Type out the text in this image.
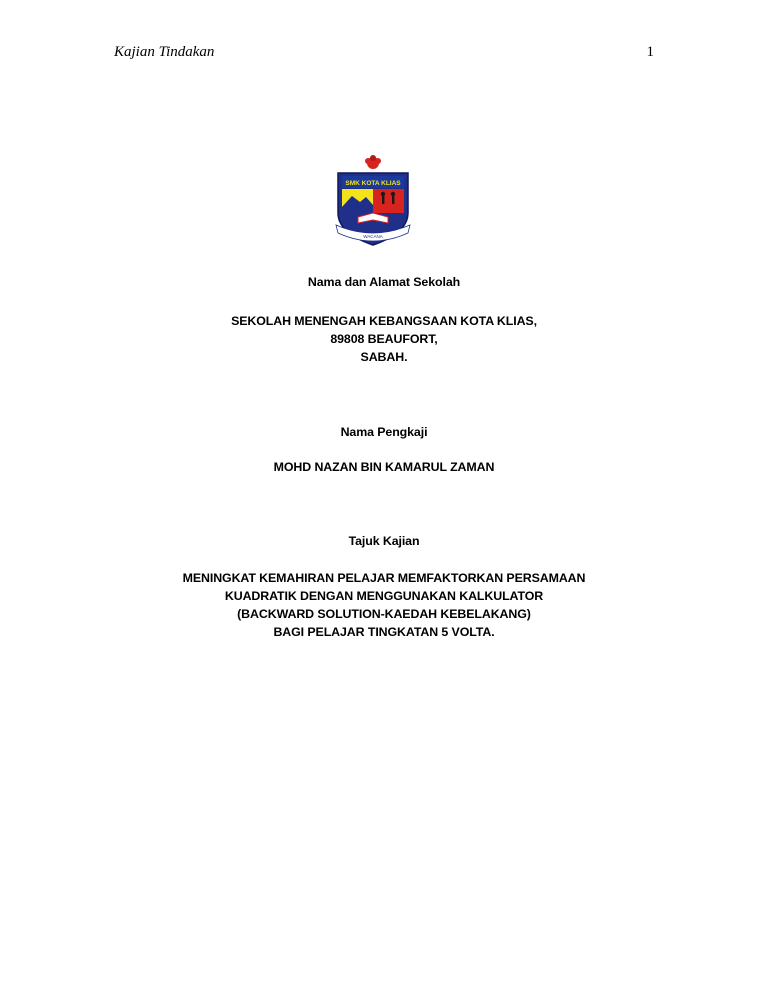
Kajian Tindakan	1
SMK KOTA KLIAS
WACANA
Nama dan Alamat Sekolah
SEKOLAH MENENGAH KEBANGSAAN KOTA KLIAS,
89808 BEAUFORT,
SABAH.
Nama Pengkaji
MOHD NAZAN BIN KAMARUL ZAMAN
Tajuk Kajian
MENINGKAT KEMAHIRAN PELAJAR MEMFAKTORKAN PERSAMAAN
KUADRATIK DENGAN MENGGUNAKAN KALKULATOR
(BACKWARD SOLUTION-KAEDAH KEBELAKANG)
BAGI PELAJAR TINGKATAN 5 VOLTA.
